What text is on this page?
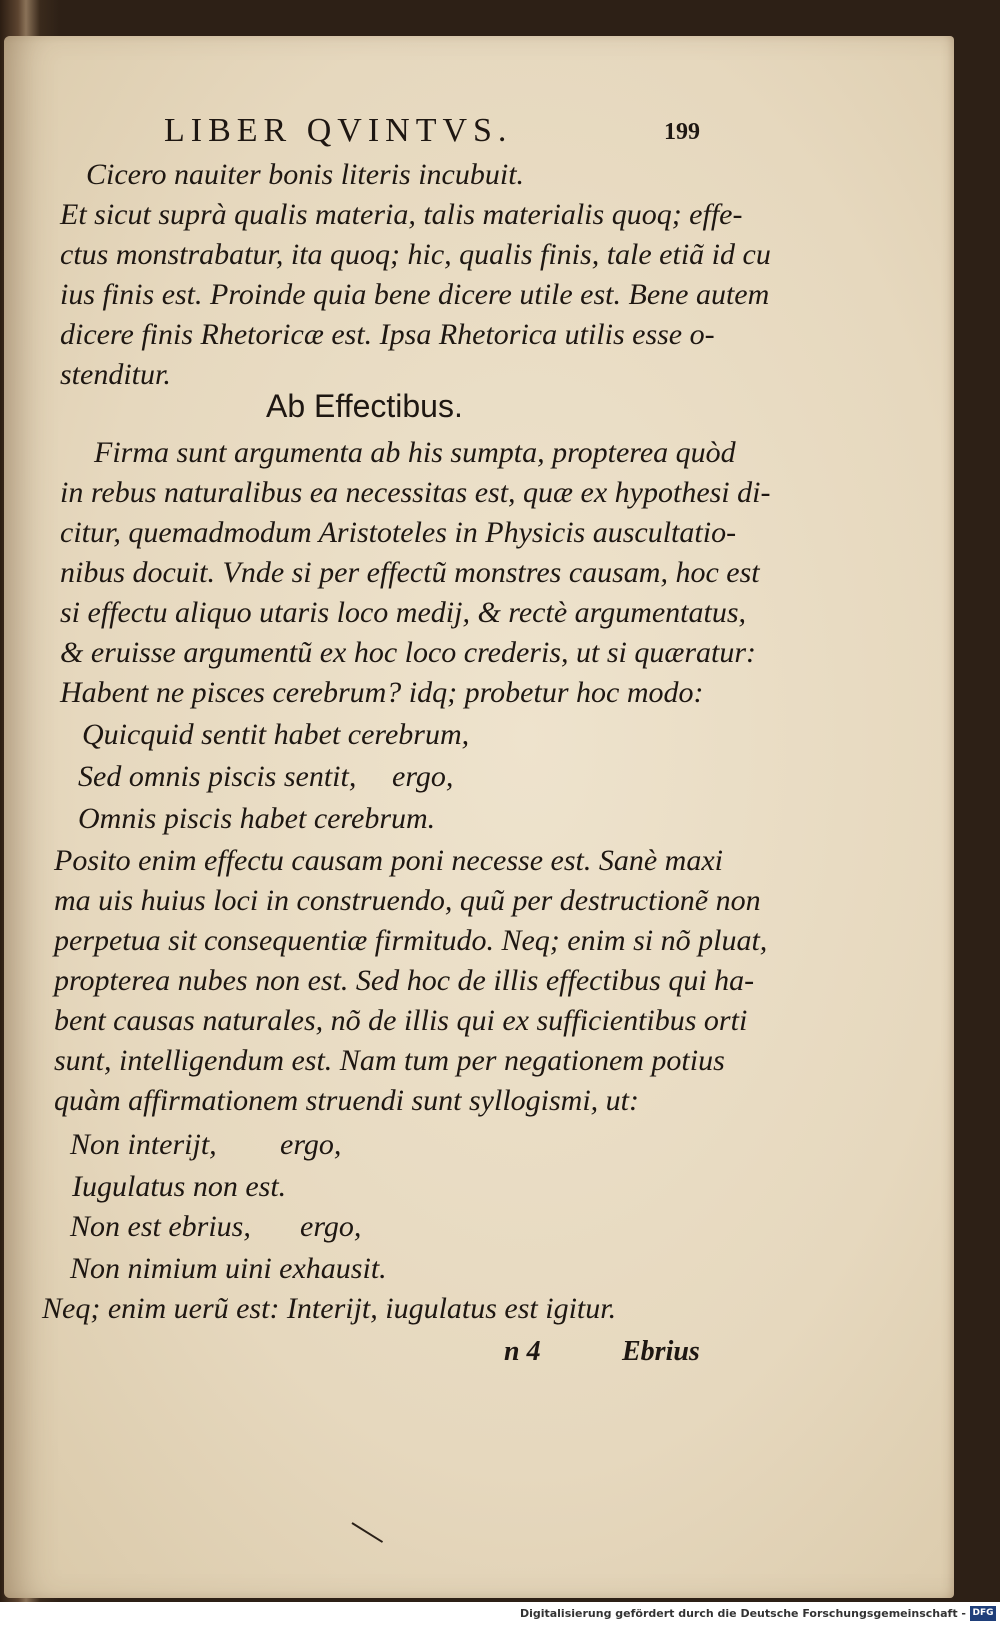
LIBER QVINTVS.	199
Cicero nauiter bonis literis incubuit.
Et sicut suprà qualis materia, talis materialis quoq; effe-
ctus monstrabatur, ita quoq; hic, qualis finis, tale etiã id cu
ius finis est. Proinde quia bene dicere utile est. Bene autem
dicere finis Rhetoricæ est. Ipsa Rhetorica utilis esse o-
stenditur.
Ab Effectibus.
Firma sunt argumenta ab his sumpta, propterea quòd
in rebus naturalibus ea necessitas est, quæ ex hypothesi di-
citur, quemadmodum Aristoteles in Physicis auscultatio-
nibus docuit. Vnde si per effectũ monstres causam, hoc est
si effectu aliquo utaris loco medij, & rectè argumentatus,
& eruisse argumentũ ex hoc loco crederis, ut si quæratur:
Habent ne pisces cerebrum? idq; probetur hoc modo:
Quicquid sentit habet cerebrum,
Sed omnis piscis sentit, ergo,
Omnis piscis habet cerebrum.
Posito enim effectu causam poni necesse est. Sanè maxi
ma uis huius loci in construendo, quũ per destructionẽ non
perpetua sit consequentiæ firmitudo. Neq; enim si nõ pluat,
propterea nubes non est. Sed hoc de illis effectibus qui ha-
bent causas naturales, nõ de illis qui ex sufficientibus orti
sunt, intelligendum est. Nam tum per negationem potius
quàm affirmationem struendi sunt syllogismi, ut:
Non interijt, ergo,
Iugulatus non est.
Non est ebrius, ergo,
Non nimium uini exhausit.
Neq; enim uerũ est: Interijt, iugulatus est igitur.
n 4	Ebrius
Digitalisierung gefördert durch die Deutsche Forschungsgemeinschaft - DFG
